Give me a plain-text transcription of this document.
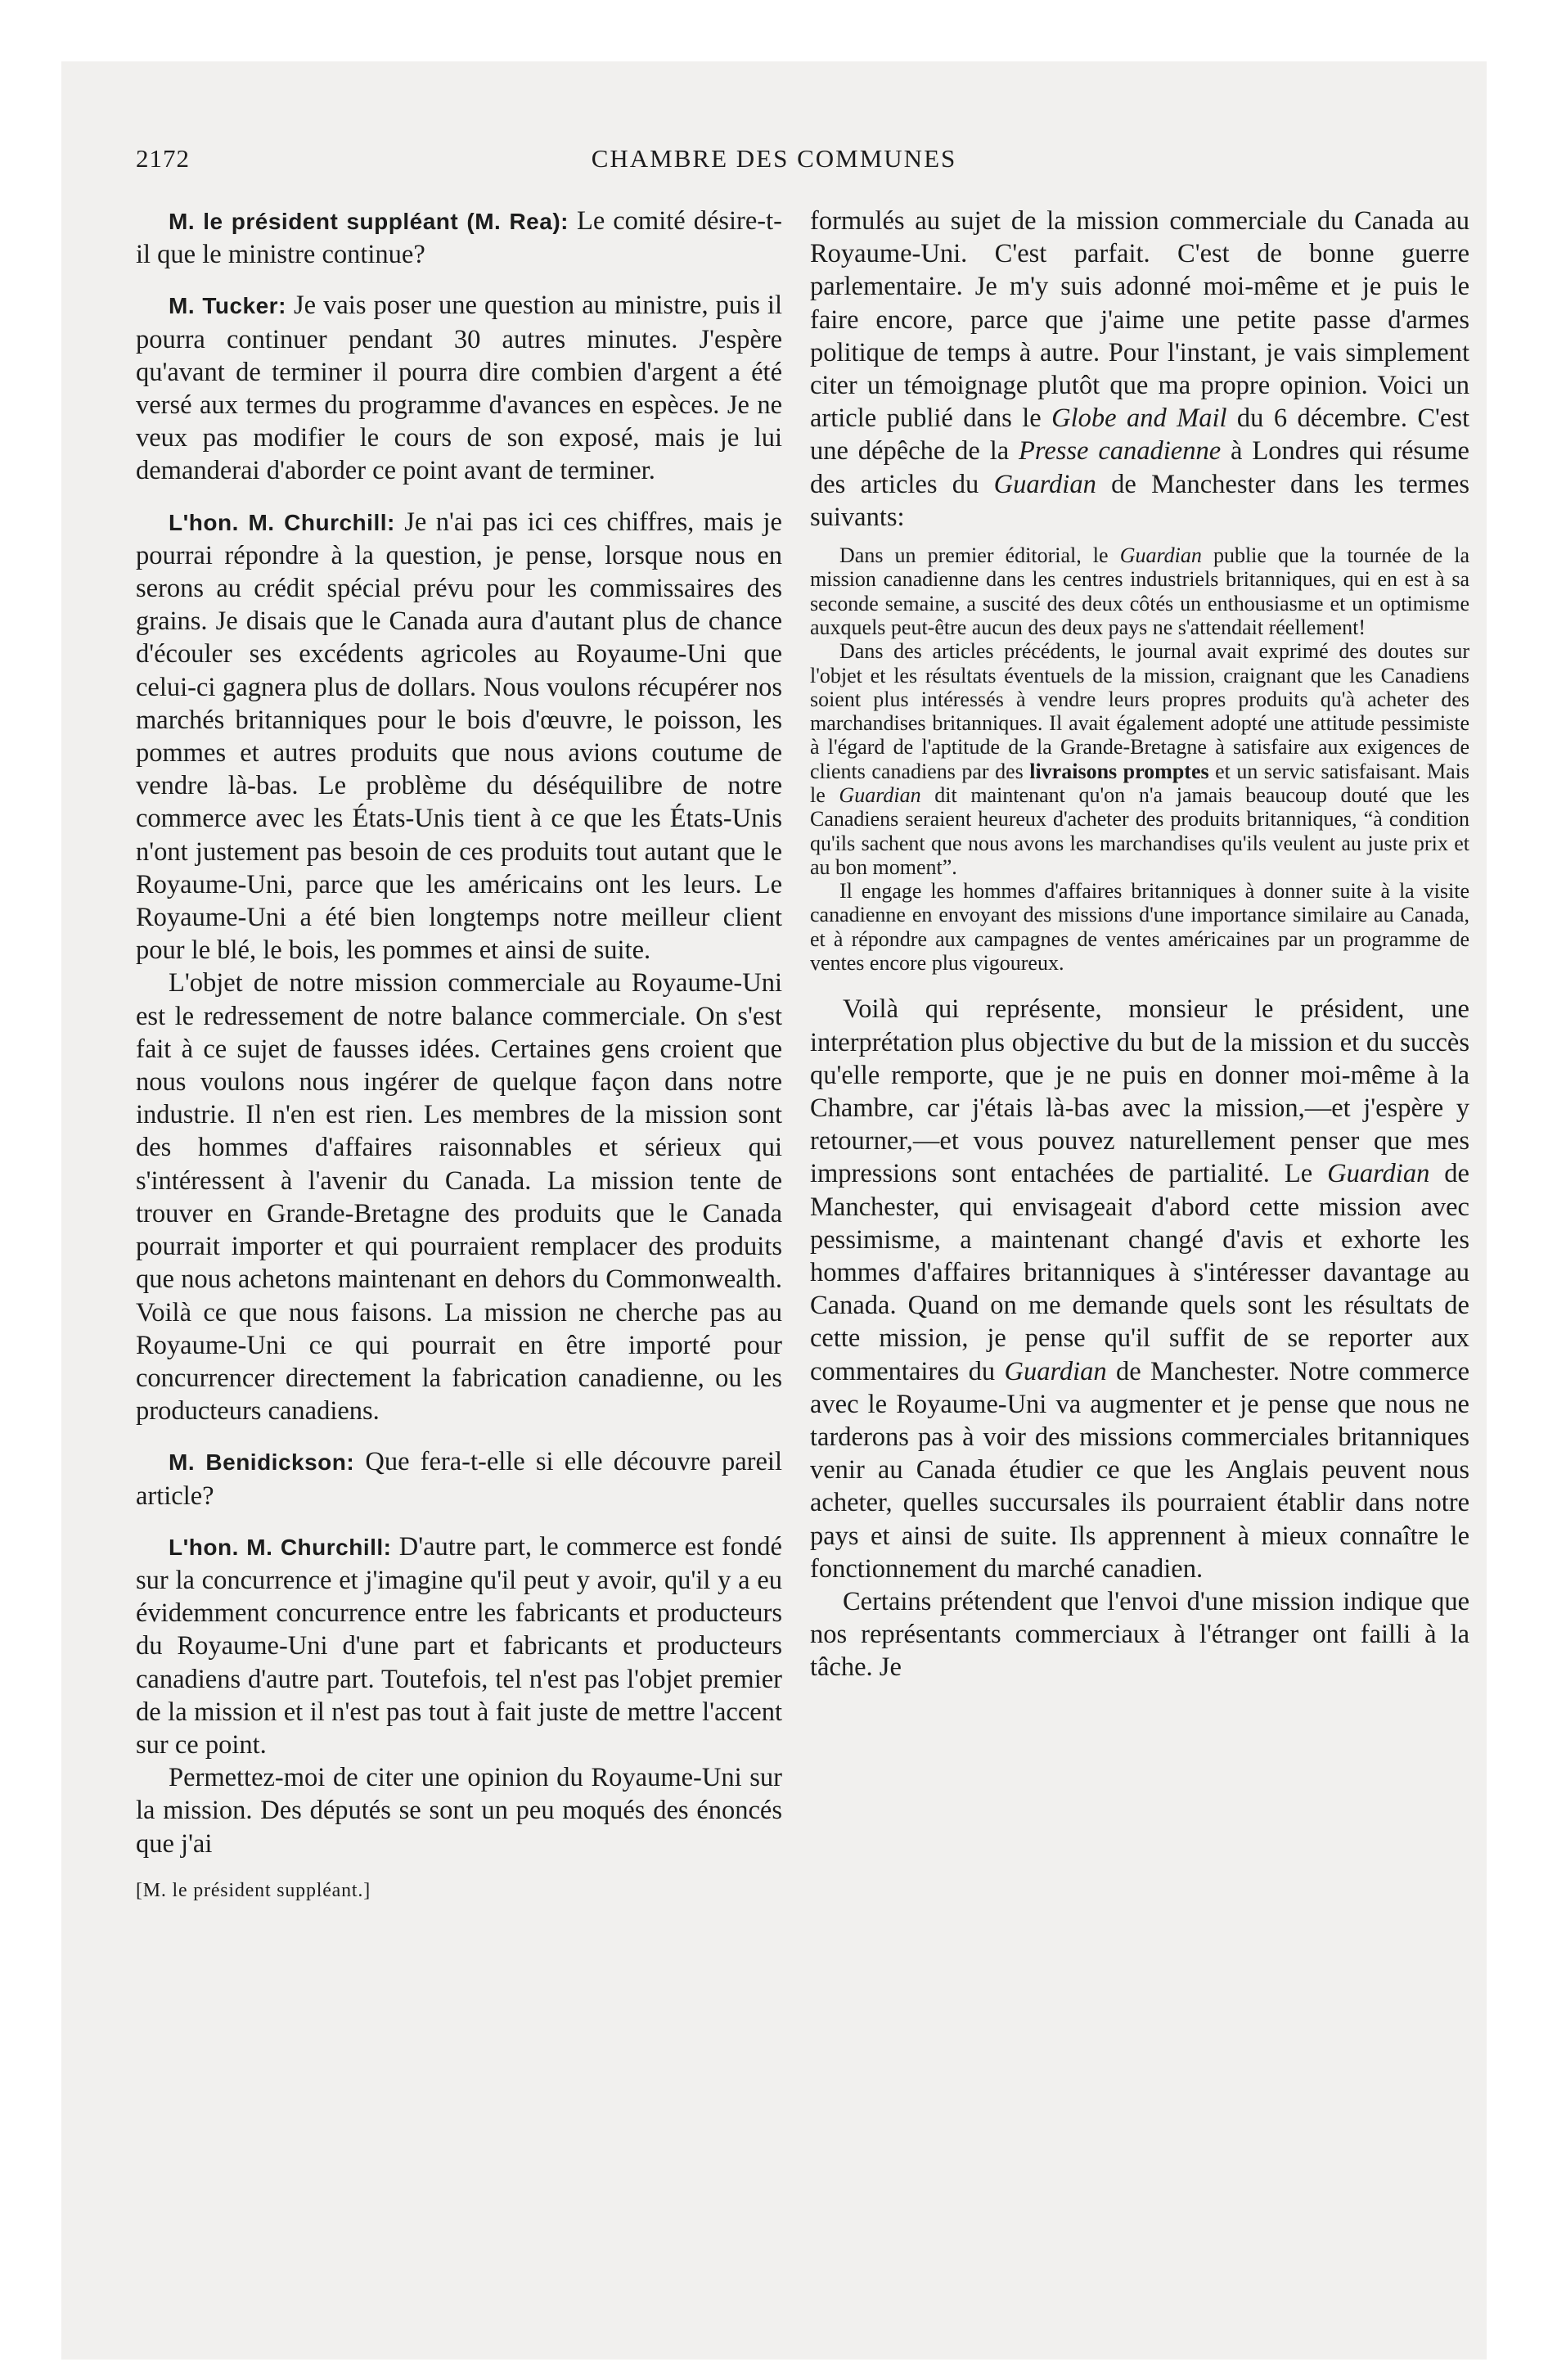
2172	CHAMBRE DES COMMUNES

M. le président suppléant (M. Rea): Le comité désire-t-il que le ministre continue?

M. Tucker: Je vais poser une question au ministre, puis il pourra continuer pendant 30 autres minutes. J'espère qu'avant de terminer il pourra dire combien d'argent a été versé aux termes du programme d'avances en espèces. Je ne veux pas modifier le cours de son exposé, mais je lui demanderai d'aborder ce point avant de terminer.

L'hon. M. Churchill: Je n'ai pas ici ces chiffres, mais je pourrai répondre à la question, je pense, lorsque nous en serons au crédit spécial prévu pour les commissaires des grains. Je disais que le Canada aura d'autant plus de chance d'écouler ses excédents agricoles au Royaume-Uni que celui-ci gagnera plus de dollars. Nous voulons récupérer nos marchés britanniques pour le bois d'œuvre, le poisson, les pommes et autres produits que nous avions coutume de vendre là-bas. Le problème du déséquilibre de notre commerce avec les États-Unis tient à ce que les États-Unis n'ont justement pas besoin de ces produits tout autant que le Royaume-Uni, parce que les américains ont les leurs. Le Royaume-Uni a été bien longtemps notre meilleur client pour le blé, le bois, les pommes et ainsi de suite.

L'objet de notre mission commerciale au Royaume-Uni est le redressement de notre balance commerciale. On s'est fait à ce sujet de fausses idées. Certaines gens croient que nous voulons nous ingérer de quelque façon dans notre industrie. Il n'en est rien. Les membres de la mission sont des hommes d'affaires raisonnables et sérieux qui s'intéressent à l'avenir du Canada. La mission tente de trouver en Grande-Bretagne des produits que le Canada pourrait importer et qui pourraient remplacer des produits que nous achetons maintenant en dehors du Commonwealth. Voilà ce que nous faisons. La mission ne cherche pas au Royaume-Uni ce qui pourrait en être importé pour concurrencer directement la fabrication canadienne, ou les producteurs canadiens.

M. Benidickson: Que fera-t-elle si elle découvre pareil article?

L'hon. M. Churchill: D'autre part, le commerce est fondé sur la concurrence et j'imagine qu'il peut y avoir, qu'il y a eu évidemment concurrence entre les fabricants et producteurs du Royaume-Uni d'une part et fabricants et producteurs canadiens d'autre part. Toutefois, tel n'est pas l'objet premier de la mission et il n'est pas tout à fait juste de mettre l'accent sur ce point.

Permettez-moi de citer une opinion du Royaume-Uni sur la mission. Des députés se sont un peu moqués des énoncés que j'ai

[M. le président suppléant.]

formulés au sujet de la mission commerciale du Canada au Royaume-Uni. C'est parfait. C'est de bonne guerre parlementaire. Je m'y suis adonné moi-même et je puis le faire encore, parce que j'aime une petite passe d'armes politique de temps à autre. Pour l'instant, je vais simplement citer un témoignage plutôt que ma propre opinion. Voici un article publié dans le Globe and Mail du 6 décembre. C'est une dépêche de la Presse canadienne à Londres qui résume des articles du Guardian de Manchester dans les termes suivants:

Dans un premier éditorial, le Guardian publie que la tournée de la mission canadienne dans les centres industriels britanniques, qui en est à sa seconde semaine, a suscité des deux côtés un enthousiasme et un optimisme auxquels peut-être aucun des deux pays ne s'attendait réellement!

Dans des articles précédents, le journal avait exprimé des doutes sur l'objet et les résultats éventuels de la mission, craignant que les Canadiens soient plus intéressés à vendre leurs propres produits qu'à acheter des marchandises britanniques. Il avait également adopté une attitude pessimiste à l'égard de l'aptitude de la Grande-Bretagne à satisfaire aux exigences de clients canadiens par des livraisons promptes et un servic satisfaisant. Mais le Guardian dit maintenant qu'on n'a jamais beaucoup douté que les Canadiens seraient heureux d'acheter des produits britanniques, “à condition qu'ils sachent que nous avons les marchandises qu'ils veulent au juste prix et au bon moment”.

Il engage les hommes d'affaires britanniques à donner suite à la visite canadienne en envoyant des missions d'une importance similaire au Canada, et à répondre aux campagnes de ventes américaines par un programme de ventes encore plus vigoureux.

Voilà qui représente, monsieur le président, une interprétation plus objective du but de la mission et du succès qu'elle remporte, que je ne puis en donner moi-même à la Chambre, car j'étais là-bas avec la mission,—et j'espère y retourner,—et vous pouvez naturellement penser que mes impressions sont entachées de partialité. Le Guardian de Manchester, qui envisageait d'abord cette mission avec pessimisme, a maintenant changé d'avis et exhorte les hommes d'affaires britanniques à s'intéresser davantage au Canada. Quand on me demande quels sont les résultats de cette mission, je pense qu'il suffit de se reporter aux commentaires du Guardian de Manchester. Notre commerce avec le Royaume-Uni va augmenter et je pense que nous ne tarderons pas à voir des missions commerciales britanniques venir au Canada étudier ce que les Anglais peuvent nous acheter, quelles succursales ils pourraient établir dans notre pays et ainsi de suite. Ils apprennent à mieux connaître le fonctionnement du marché canadien.

Certains prétendent que l'envoi d'une mission indique que nos représentants commerciaux à l'étranger ont failli à la tâche. Je
